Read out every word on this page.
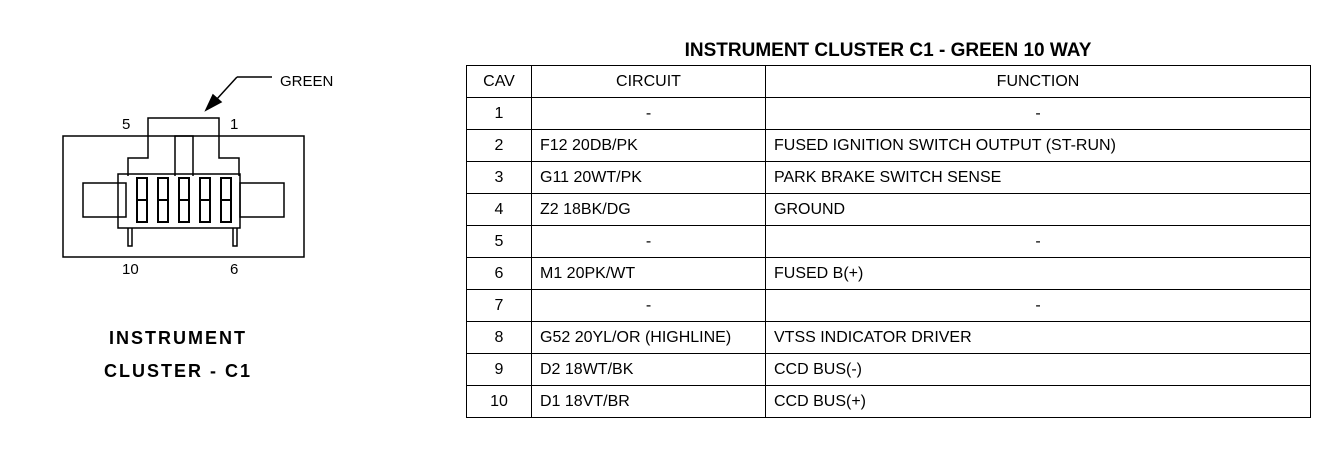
GREEN
5	1
10	6
INSTRUMENT
CLUSTER - C1
INSTRUMENT CLUSTER C1 - GREEN 10 WAY
CAV	CIRCUIT	FUNCTION
1	-	-
2	F12 20DB/PK	FUSED IGNITION SWITCH OUTPUT (ST-RUN)
3	G11 20WT/PK	PARK BRAKE SWITCH SENSE
4	Z2 18BK/DG	GROUND
5	-	-
6	M1 20PK/WT	FUSED B(+)
7	-	-
8	G52 20YL/OR (HIGHLINE)	VTSS INDICATOR DRIVER
9	D2 18WT/BK	CCD BUS(-)
10	D1 18VT/BR	CCD BUS(+)
